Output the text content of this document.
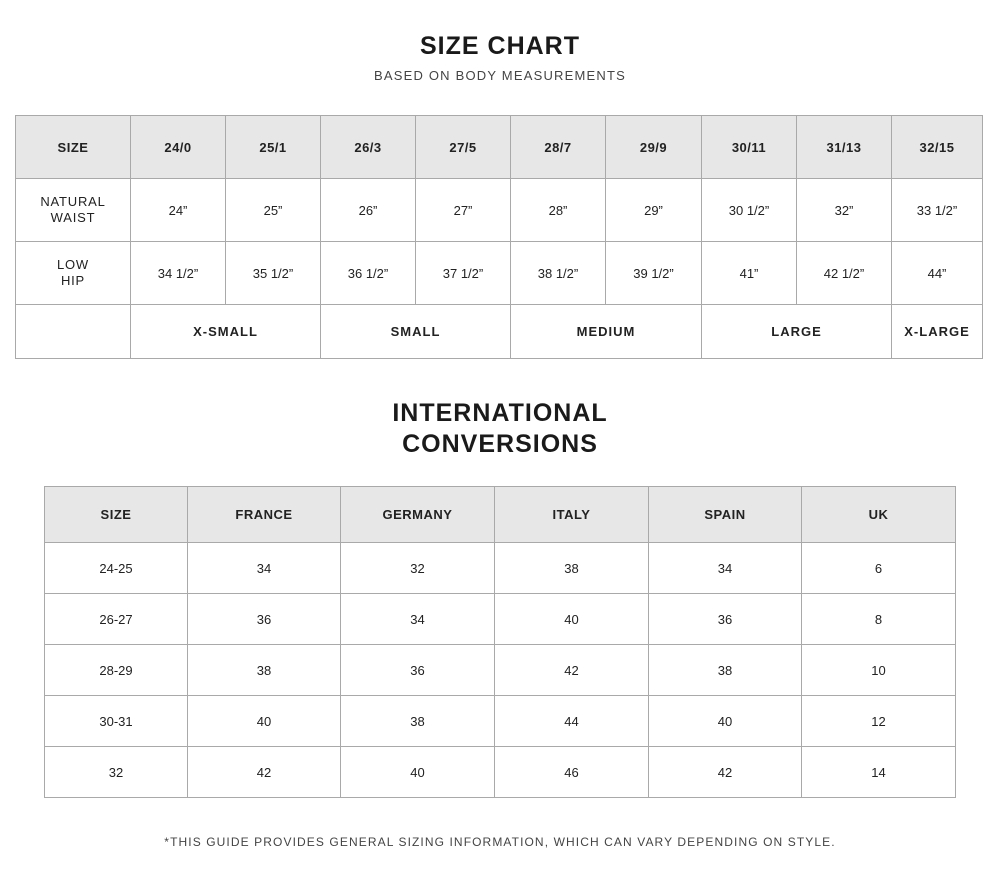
SIZE CHART
BASED ON BODY MEASUREMENTS
SIZE	24/0	25/1	26/3	27/5	28/7	29/9	30/11	31/13	32/15

NATURAL
WAIST	24”	25”	26”	27”	28”	29”	30 1/2”	32”	33 1/2”

LOW
HIP	34 1/2”	35 1/2”	36 1/2”	37 1/2”	38 1/2”	39 1/2”	41”	42 1/2”	44”
	X-SMALL		SMALL		MEDIUM		LARGE		X-LARGE
INTERNATIONAL
CONVERSIONS
SIZE	FRANCE	GERMANY	ITALY	SPAIN	UK
24-25	34	32	38	34	6
26-27	36	34	40	36	8
28-29	38	36	42	38	10
30-31	40	38	44	40	12
32	42	40	46	42	14
*THIS GUIDE PROVIDES GENERAL SIZING INFORMATION, WHICH CAN VARY DEPENDING ON STYLE.
